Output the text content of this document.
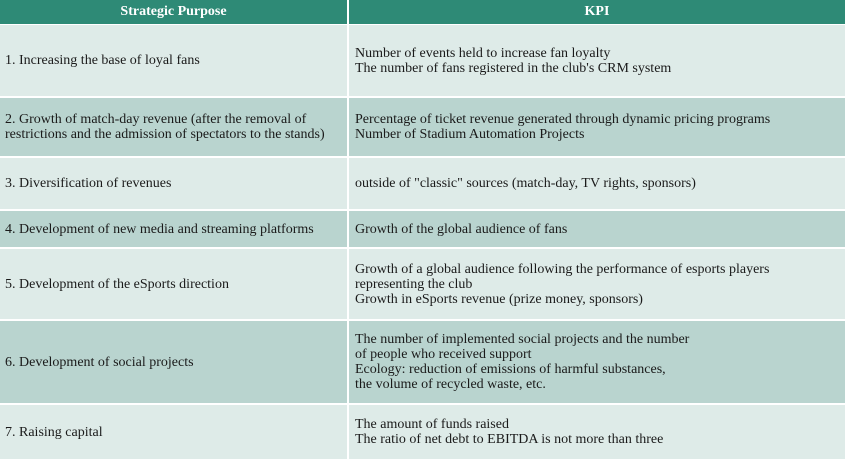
Strategic Purpose	KPI
1. Increasing the base of loyal fans	Number of events held to increase fan loyalty
The number of fans registered in the club's CRM system

2. Growth of match-day revenue (after the removal of restrictions and the admission of spectators to the stands)	Percentage of ticket revenue generated through dynamic pricing programs
Number of Stadium Automation Projects

3. Diversification of revenues	outside of "classic" sources (match-day, TV rights, sponsors)

4. Development of new media and streaming platforms	Growth of the global audience of fans

5. Development of the eSports direction	Growth of a global audience following the performance of esports players representing the club
Growth in eSports revenue (prize money, sponsors)

6. Development of social projects	The number of implemented social projects and the number
of people who received support
Ecology: reduction of emissions of harmful substances,
the volume of recycled waste, etc.

7. Raising capital	The amount of funds raised
The ratio of net debt to EBITDA is not more than three
